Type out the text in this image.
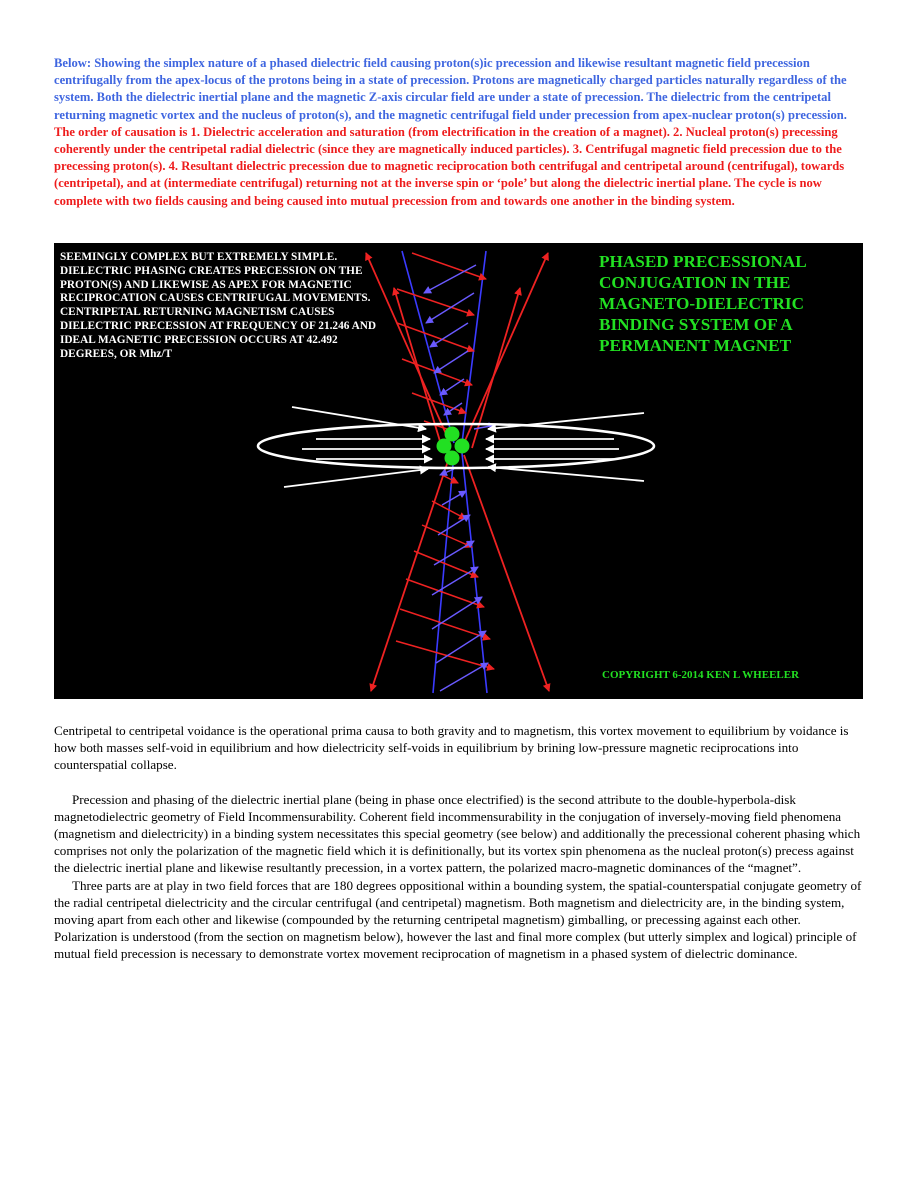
Below: Showing the simplex nature of a phased dielectric field causing proton(s)ic precession and likewise resultant magnetic field precession centrifugally from the apex-locus of the protons being in a state of precession. Protons are magnetically charged particles naturally regardless of the system. Both the dielectric inertial plane and the magnetic Z-axis circular field are under a state of precession. The dielectric from the centripetal returning magnetic vortex and the nucleus of proton(s), and the magnetic centrifugal field under precession from apex-nuclear proton(s) precession. The order of causation is 1. Dielectric acceleration and saturation (from electrification in the creation of a magnet). 2. Nucleal proton(s) precessing coherently under the centripetal radial dielectric (since they are magnetically induced particles). 3. Centrifugal magnetic field precession due to the precessing proton(s). 4. Resultant dielectric precession due to magnetic reciprocation both centrifugal and centripetal around (centrifugal), towards (centripetal), and at (intermediate centrifugal) returning not at the inverse spin or ‘pole’ but along the dielectric inertial plane. The cycle is now complete with two fields causing and being caused into mutual precession from and towards one another in the binding system.
SEEMINGLY COMPLEX BUT EXTREMELY SIMPLE. DIELECTRIC PHASING CREATES PRECESSION ON THE PROTON(S) AND LIKEWISE AS APEX FOR MAGNETIC RECIPROCATION CAUSES CENTRIFUGAL MOVEMENTS. CENTRIPETAL RETURNING MAGNETISM CAUSES DIELECTRIC PRECESSION AT FREQUENCY OF 21.246 AND IDEAL MAGNETIC PRECESSION OCCURS AT 42.492 DEGREES, OR Mhz/T
PHASED PRECESSIONAL CONJUGATION IN THE MAGNETO-DIELECTRIC BINDING SYSTEM OF A PERMANENT MAGNET
COPYRIGHT 6-2014 KEN L WHEELER

Centripetal to centripetal voidance is the operational prima causa to both gravity and to magnetism, this vortex movement to equilibrium by voidance is how both masses self-void in equilibrium and how dielectricity self-voids in equilibrium by brining low-pressure magnetic reciprocations into counterspatial collapse.

Precession and phasing of the dielectric inertial plane (being in phase once electrified) is the second attribute to the double-hyperbola-disk magnetodielectric geometry of Field Incommensurability. Coherent field incommensurability in the conjugation of inversely-moving field phenomena (magnetism and dielectricity) in a binding system necessitates this special geometry (see below) and additionally the precessional coherent phasing which comprises not only the polarization of the magnetic field which it is definitionally, but its vortex spin phenomena as the nucleal proton(s) precess against the dielectric inertial plane and likewise resultantly precession, in a vortex pattern, the polarized macro-magnetic dominances of the “magnet”.

Three parts are at play in two field forces that are 180 degrees oppositional within a bounding system, the spatial-counterspatial conjugate geometry of the radial centripetal dielectricity and the circular centrifugal (and centripetal) magnetism. Both magnetism and dielectricity are, in the binding system, moving apart from each other and likewise (compounded by the returning centripetal magnetism) gimballing, or precessing against each other. Polarization is understood (from the section on magnetism below), however the last and final more complex (but utterly simplex and logical) principle of mutual field precession is necessary to demonstrate vortex movement reciprocation of magnetism in a phased system of dielectric dominance.
